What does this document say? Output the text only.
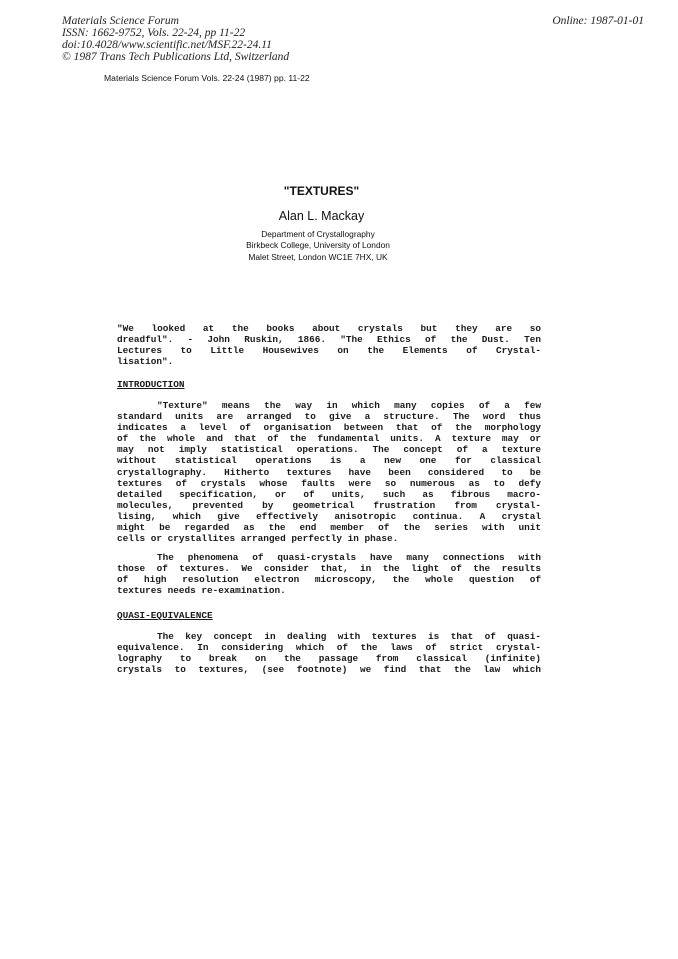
Materials Science Forum
ISSN: 1662-9752, Vols. 22-24, pp 11-22
doi:10.4028/www.scientific.net/MSF.22-24.11
© 1987 Trans Tech Publications Ltd, Switzerland
Online: 1987-01-01
Materials Science Forum Vols. 22-24 (1987) pp. 11-22
"TEXTURES"
Alan L. Mackay
Department of Crystallography
Birkbeck College, University of London
Malet Street, London WC1E 7HX, UK
"We looked at the books about crystals but they are so
dreadful". - John Ruskin, 1866. "The Ethics of the Dust. Ten
Lectures to Little Housewives on the Elements of Crystal-
lisation".
INTRODUCTION
"Texture" means the way in which many copies of a few
standard units are arranged to give a structure. The word thus
indicates a level of organisation between that of the morphology
of the whole and that of the fundamental units. A texture may or
may not imply statistical operations. The concept of a texture
without statistical operations is a new one for classical
crystallography. Hitherto textures have been considered to be
textures of crystals whose faults were so numerous as to defy
detailed specification, or of units, such as fibrous macro-
molecules, prevented by geometrical frustration from crystal-
lising, which give effectively anisotropic continua. A crystal
might be regarded as the end member of the series with unit
cells or crystallites arranged perfectly in phase.
The phenomena of quasi-crystals have many connections with
those of textures. We consider that, in the light of the results
of high resolution electron microscopy, the whole question of
textures needs re-examination.
QUASI-EQUIVALENCE
The key concept in dealing with textures is that of quasi-
equivalence. In considering which of the laws of strict crystal-
lography to break on the passage from classical (infinite)
crystals to textures, (see footnote) we find that the law which
